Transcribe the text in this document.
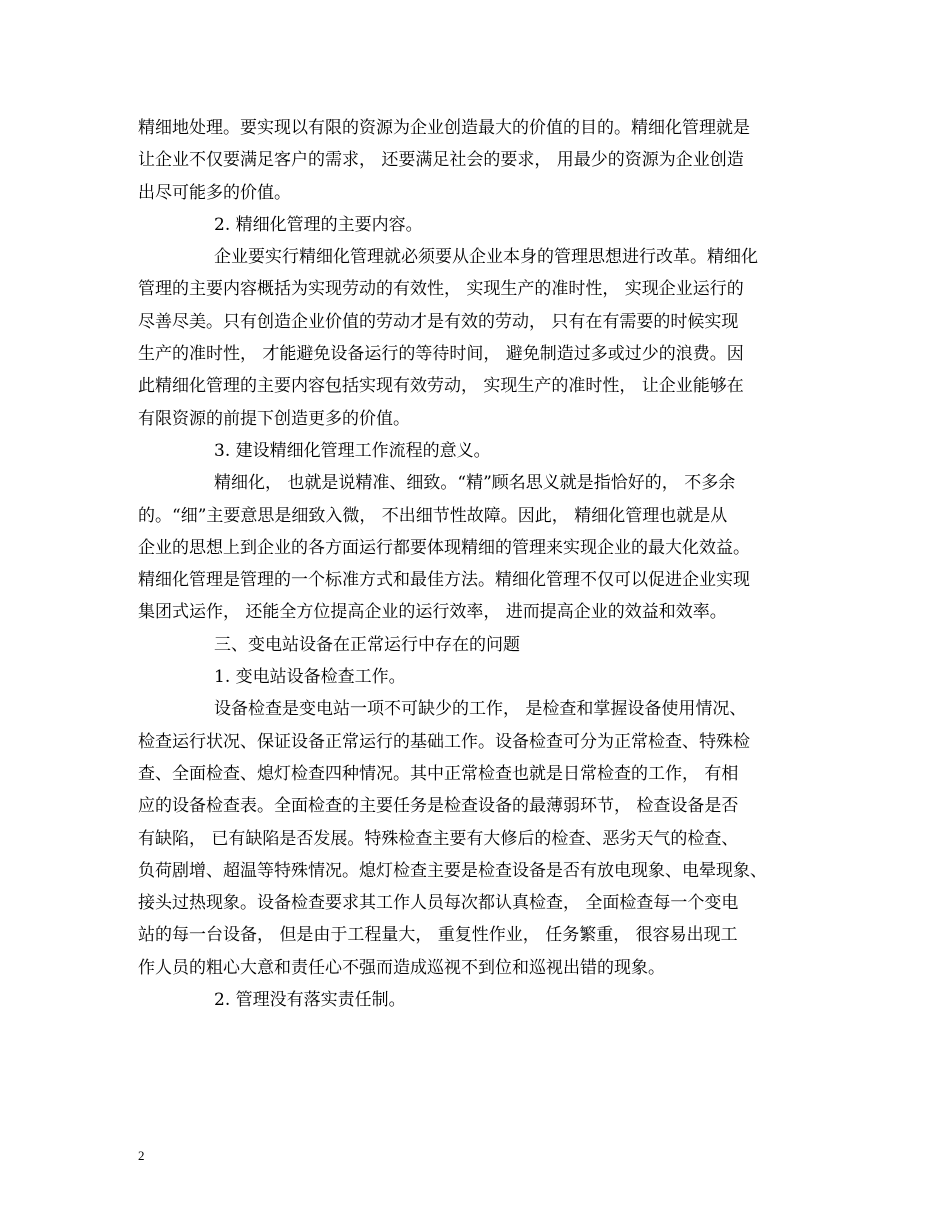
精细地处理。要实现以有限的资源为企业创造最大的价值的目的。精细化管理就是
让企业不仅要满足客户的需求， 还要满足社会的要求， 用最少的资源为企业创造
出尽可能多的价值。
2. 精细化管理的主要内容。
企业要实行精细化管理就必须要从企业本身的管理思想进行改革。精细化
管理的主要内容概括为实现劳动的有效性， 实现生产的准时性， 实现企业运行的
尽善尽美。只有创造企业价值的劳动才是有效的劳动， 只有在有需要的时候实现
生产的准时性， 才能避免设备运行的等待时间， 避免制造过多或过少的浪费。因
此精细化管理的主要内容包括实现有效劳动， 实现生产的准时性， 让企业能够在
有限资源的前提下创造更多的价值。
3. 建设精细化管理工作流程的意义。
精细化， 也就是说精准、细致。“精”顾名思义就是指恰好的， 不多余
的。“细”主要意思是细致入微， 不出细节性故障。因此， 精细化管理也就是从
企业的思想上到企业的各方面运行都要体现精细的管理来实现企业的最大化效益。
精细化管理是管理的一个标准方式和最佳方法。精细化管理不仅可以促进企业实现
集团式运作， 还能全方位提高企业的运行效率， 进而提高企业的效益和效率。
三、变电站设备在正常运行中存在的问题
1. 变电站设备检查工作。
设备检查是变电站一项不可缺少的工作， 是检查和掌握设备使用情况、
检查运行状况、保证设备正常运行的基础工作。设备检查可分为正常检查、特殊检
查、全面检查、熄灯检查四种情况。其中正常检查也就是日常检查的工作， 有相
应的设备检查表。全面检查的主要任务是检查设备的最薄弱环节， 检查设备是否
有缺陷， 已有缺陷是否发展。特殊检查主要有大修后的检查、恶劣天气的检查、
负荷剧增、超温等特殊情况。熄灯检查主要是检查设备是否有放电现象、电晕现象、
接头过热现象。设备检查要求其工作人员每次都认真检查， 全面检查每一个变电
站的每一台设备， 但是由于工程量大， 重复性作业， 任务繁重， 很容易出现工
作人员的粗心大意和责任心不强而造成巡视不到位和巡视出错的现象。
2. 管理没有落实责任制。
2
